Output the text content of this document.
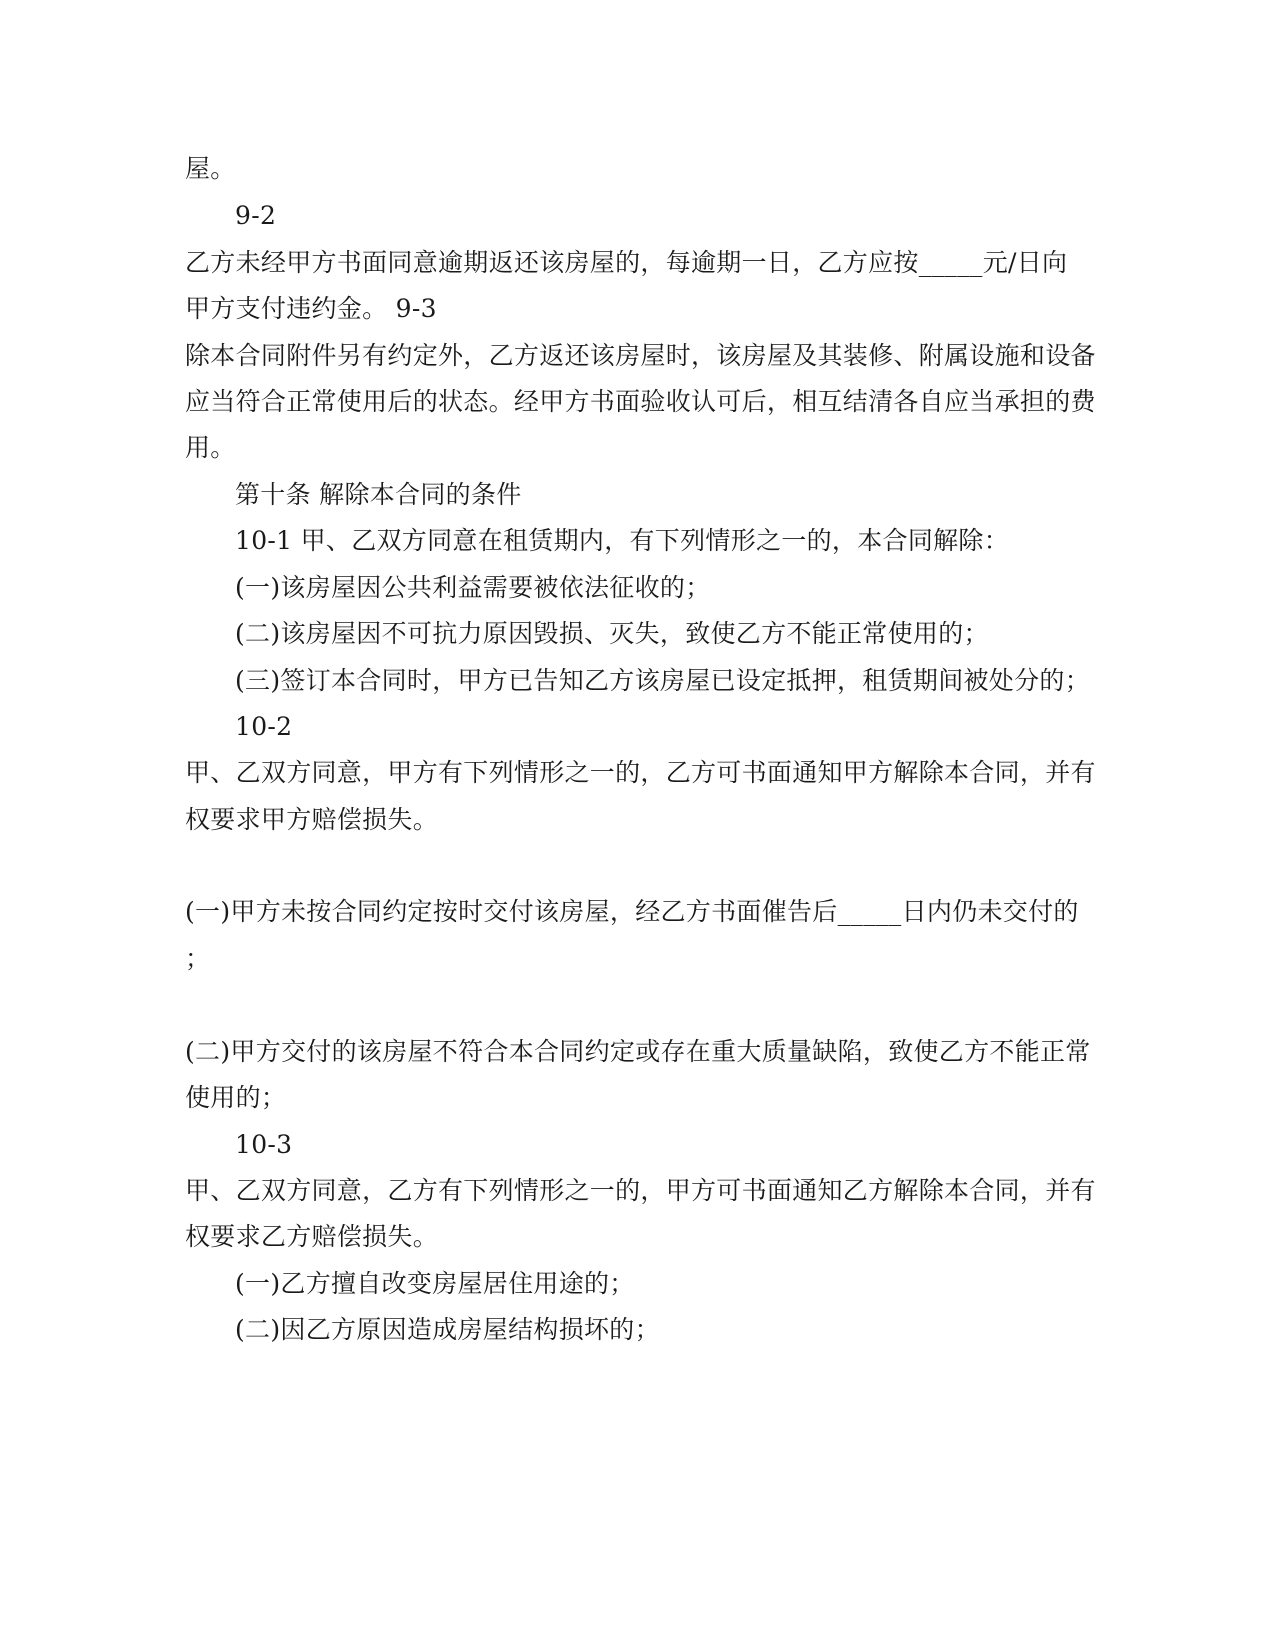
屋。
9-2
乙方未经甲方书面同意逾期返还该房屋的，每逾期一日，乙方应按_____元/日向
甲方支付违约金。 9-3
除本合同附件另有约定外，乙方返还该房屋时，该房屋及其装修、附属设施和设备
应当符合正常使用后的状态。经甲方书面验收认可后，相互结清各自应当承担的费
用。
第十条 解除本合同的条件
10-1 甲、乙双方同意在租赁期内，有下列情形之一的，本合同解除：
(一)该房屋因公共利益需要被依法征收的；
(二)该房屋因不可抗力原因毁损、灭失，致使乙方不能正常使用的；
(三)签订本合同时，甲方已告知乙方该房屋已设定抵押，租赁期间被处分的；
10-2
甲、乙双方同意，甲方有下列情形之一的，乙方可书面通知甲方解除本合同，并有
权要求甲方赔偿损失。
(一)甲方未按合同约定按时交付该房屋，经乙方书面催告后_____日内仍未交付的
；
(二)甲方交付的该房屋不符合本合同约定或存在重大质量缺陷，致使乙方不能正常
使用的；
10-3
甲、乙双方同意，乙方有下列情形之一的，甲方可书面通知乙方解除本合同，并有
权要求乙方赔偿损失。
(一)乙方擅自改变房屋居住用途的；
(二)因乙方原因造成房屋结构损坏的；
